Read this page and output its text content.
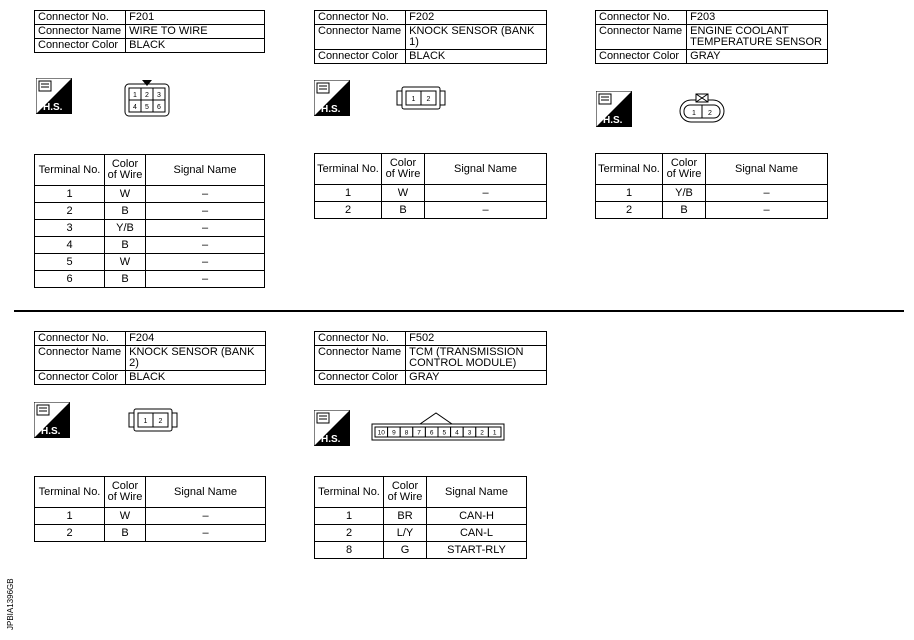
Connector No.	F201
Connector Name	WIRE TO WIRE
Connector Color	BLACK
H.S.
1 2 3
4 5 6
Terminal No.	Color of Wire	Signal Name
1	W	–
2	B	–
3	Y/B	–
4	B	–
5	W	–
6	B	–
Connector No.	F202
Connector Name	KNOCK SENSOR (BANK 1)
Connector Color	BLACK
H.S.
1 2
Terminal No.	Color of Wire	Signal Name
1	W	–
2	B	–
Connector No.	F203
Connector Name	ENGINE COOLANT TEMPERATURE SENSOR
Connector Color	GRAY
H.S.
1 2
Terminal No.	Color of Wire	Signal Name
1	Y/B	–
2	B	–
Connector No.	F204
Connector Name	KNOCK SENSOR (BANK 2)
Connector Color	BLACK
H.S.
1 2
Terminal No.	Color of Wire	Signal Name
1	W	–
2	B	–
Connector No.	F502
Connector Name	TCM (TRANSMISSION CONTROL MODULE)
Connector Color	GRAY
H.S.
10 9 8 7 6 5 4 3 2 1
Terminal No.	Color of Wire	Signal Name
1	BR	CAN-H
2	L/Y	CAN-L
8	G	START-RLY
JPBIA1396GB
